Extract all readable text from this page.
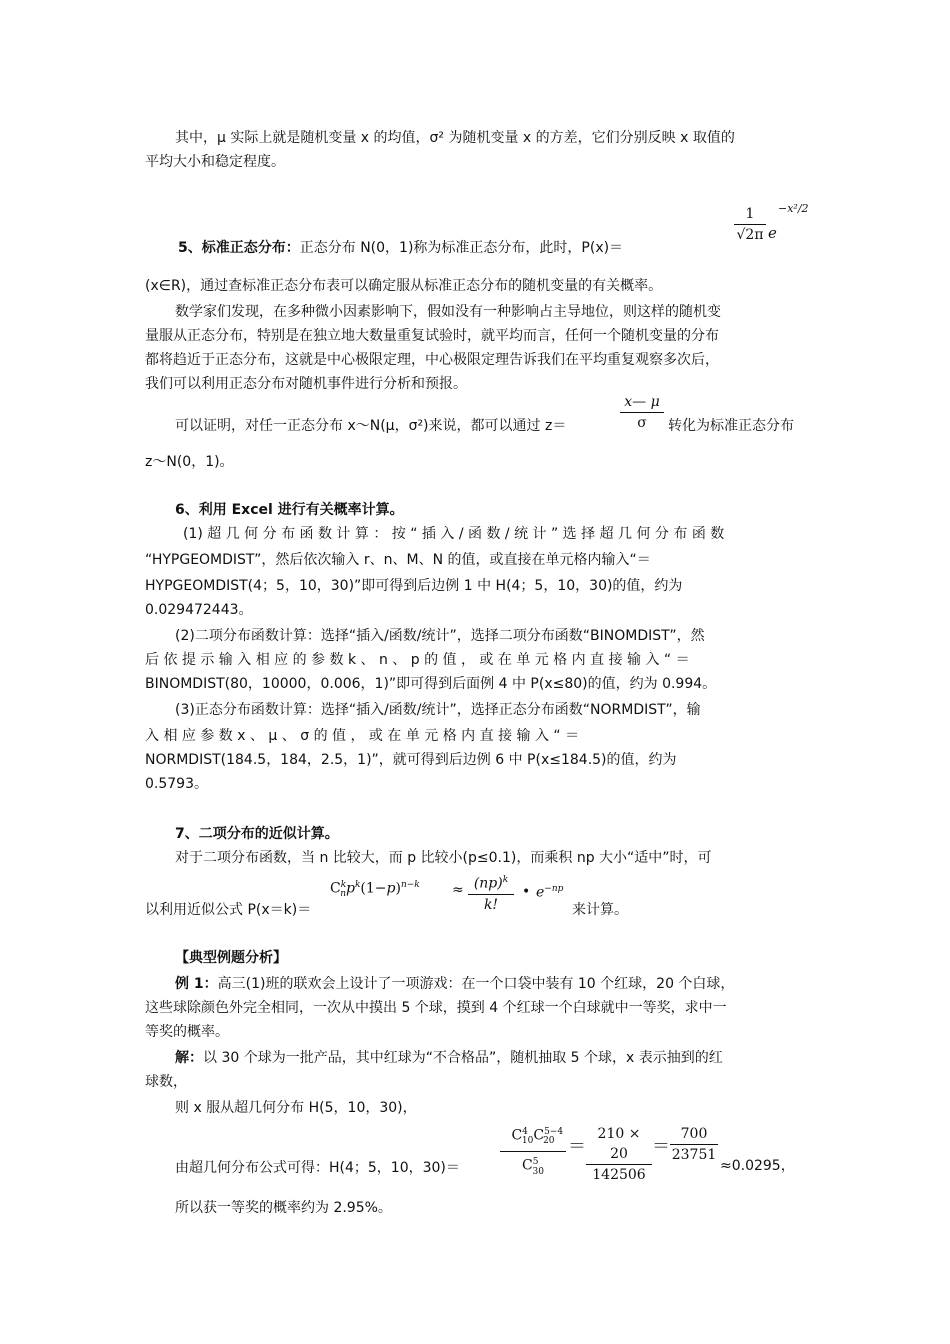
其中，μ 实际上就是随机变量 x 的均值，σ² 为随机变量 x 的方差，它们分别反映 x 取值的
平均大小和稳定程度。
5、标准正态分布：正态分布 N(0，1)称为标准正态分布，此时，P(x)＝
$\frac{1}{√2\pi}$ e
−x²/2
(x∈R)，通过查标准正态分布表可以确定服从标准正态分布的随机变量的有关概率。
数学家们发现，在多种微小因素影响下，假如没有一种影响占主导地位，则这样的随机变
量服从正态分布，特别是在独立地大数量重复试验时，就平均而言，任何一个随机变量的分布
都将趋近于正态分布，这就是中心极限定理，中心极限定理告诉我们在平均重复观察多次后，
我们可以利用正态分布对随机事件进行分析和预报。
可以证明，对任一正态分布 x～N(μ，σ²)来说，都可以通过 z＝	$\frac{x— \mu}{\sigma}$ 转化为标准正态分布
z～N(0，1)。
6、利用 Excel 进行有关概率计算。
(1) 超 几 何 分 布 函 数 计 算 ： 按 “ 插 入 / 函 数 / 统 计 ” 选 择 超 几 何 分 布 函 数
“HYPGEOMDIST”，然后依次输入 r、n、M、N 的值，或直接在单元格内输入“＝
HYPGEOMDIST(4；5，10，30)”即可得到后边例 1 中 H(4；5，10，30)的值，约为
0.029472443。
(2)二项分布函数计算：选择“插入/函数/统计”，选择二项分布函数“BINOMDIST”，然
后 依 提 示 输 入 相 应 的 参 数 k 、 n 、 p 的 值 ， 或 在 单 元 格 内 直 接 输 入 “ ＝
BINOMDIST(80，10000，0.006，1)”即可得到后面例 4 中 P(x≤80)的值，约为 0.994。
(3)正态分布函数计算：选择“插入/函数/统计”，选择正态分布函数“NORMDIST”，输
入 相 应 参 数 x 、 μ 、 σ 的 值 ， 或 在 单 元 格 内 直 接 输 入 “ ＝
NORMDIST(184.5，184，2.5，1)”，就可得到后边例 6 中 P(x≤184.5)的值，约为
0.5793。
7、二项分布的近似计算。
对于二项分布函数，当 n 比较大，而 p 比较小(p≤0.1)，而乘积 np 大小“适中”时，可
以利用近似公式 P(x＝k)＝
$C^k_np^k(1-p)^{n-k} \approx \frac{(np)^k}{k!}$ • $e^{-np}$
来计算。
【典型例题分析】
例 1：高三(1)班的联欢会上设计了一项游戏：在一个口袋中装有 10 个红球，20 个白球，
这些球除颜色外完全相同，一次从中摸出 5 个球，摸到 4 个红球一个白球就中一等奖，求中一
等奖的概率。
解：以 30 个球为一批产品，其中红球为“不合格品”，随机抽取 5 个球，x 表示抽到的红
球数，
则 x 服从超几何分布 H(5，10，30)，
由超几何分布公式可得：H(4；5，10，30)＝	$\frac{C^4_{10}C^{5-4}_{20}}{C^5_{30}} = \frac{210 \times 20}{142506} = \frac{700}{23751}$
≈0.0295，
所以获一等奖的概率约为 2.95%。
